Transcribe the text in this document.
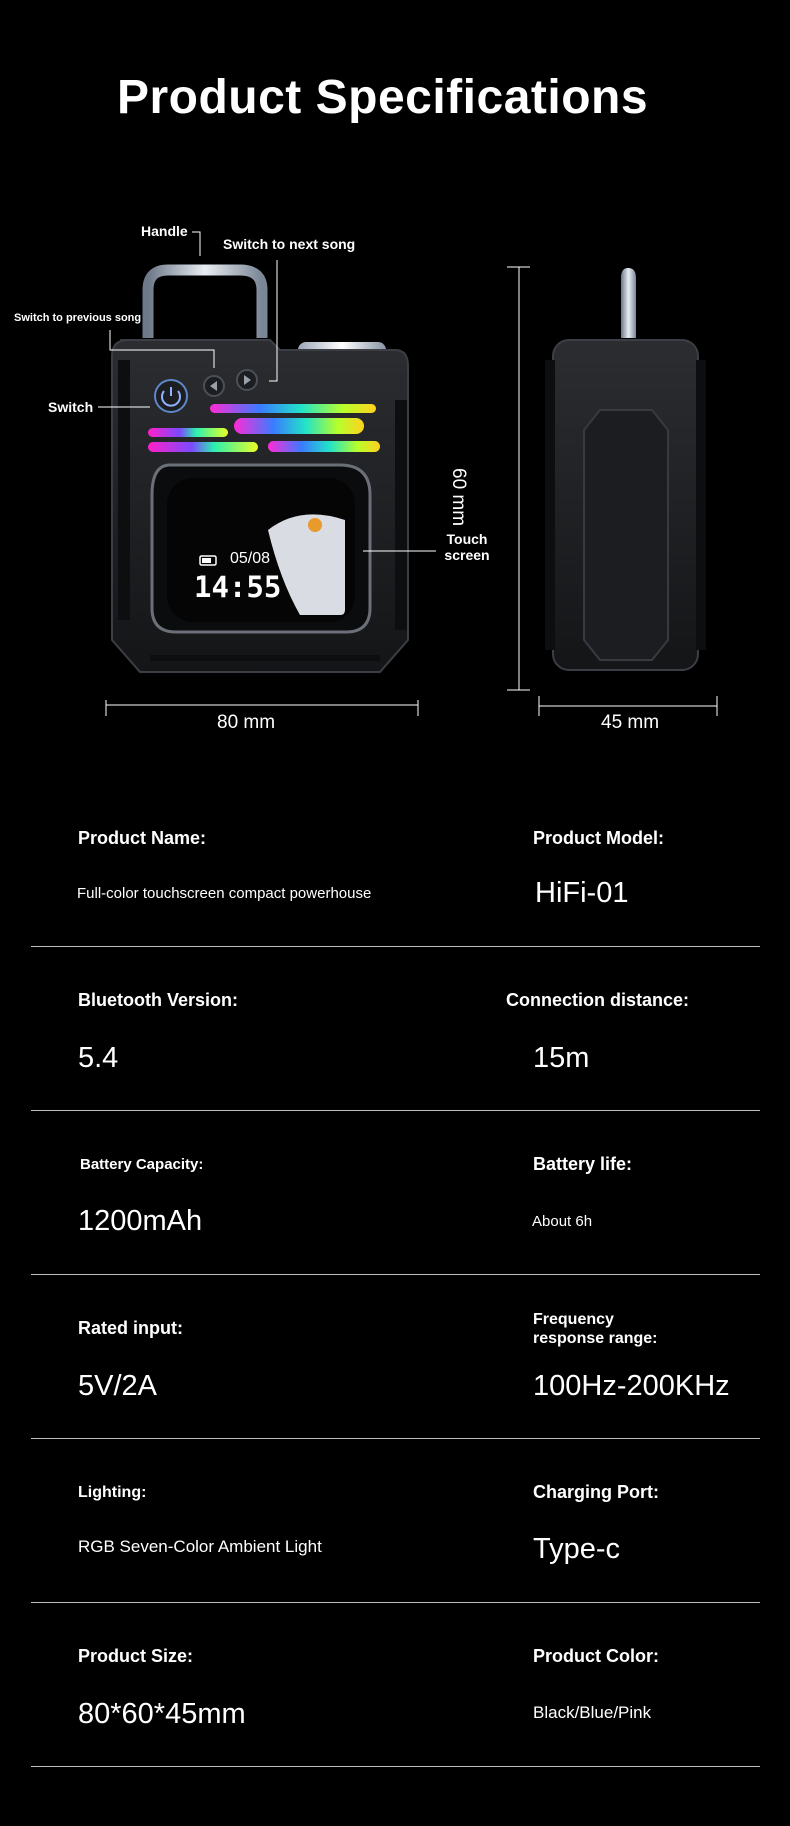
Product Specifications
Handle
Switch to next song
Switch to previous song
Switch
Touch
screen
05/08
14:55
80 mm
60 mm
45 mm
Product Name:
Full-color touchscreen compact powerhouse
Product Model:
HiFi-01
Bluetooth Version:
5.4
Connection distance:
15m
Battery Capacity:
1200mAh
Battery life:
About 6h
Rated input:
5V/2A
Frequency
response range:
100Hz-200KHz
Lighting:
RGB Seven-Color Ambient Light
Charging Port:
Type-c
Product Size:
80*60*45mm
Product Color:
Black/Blue/Pink
